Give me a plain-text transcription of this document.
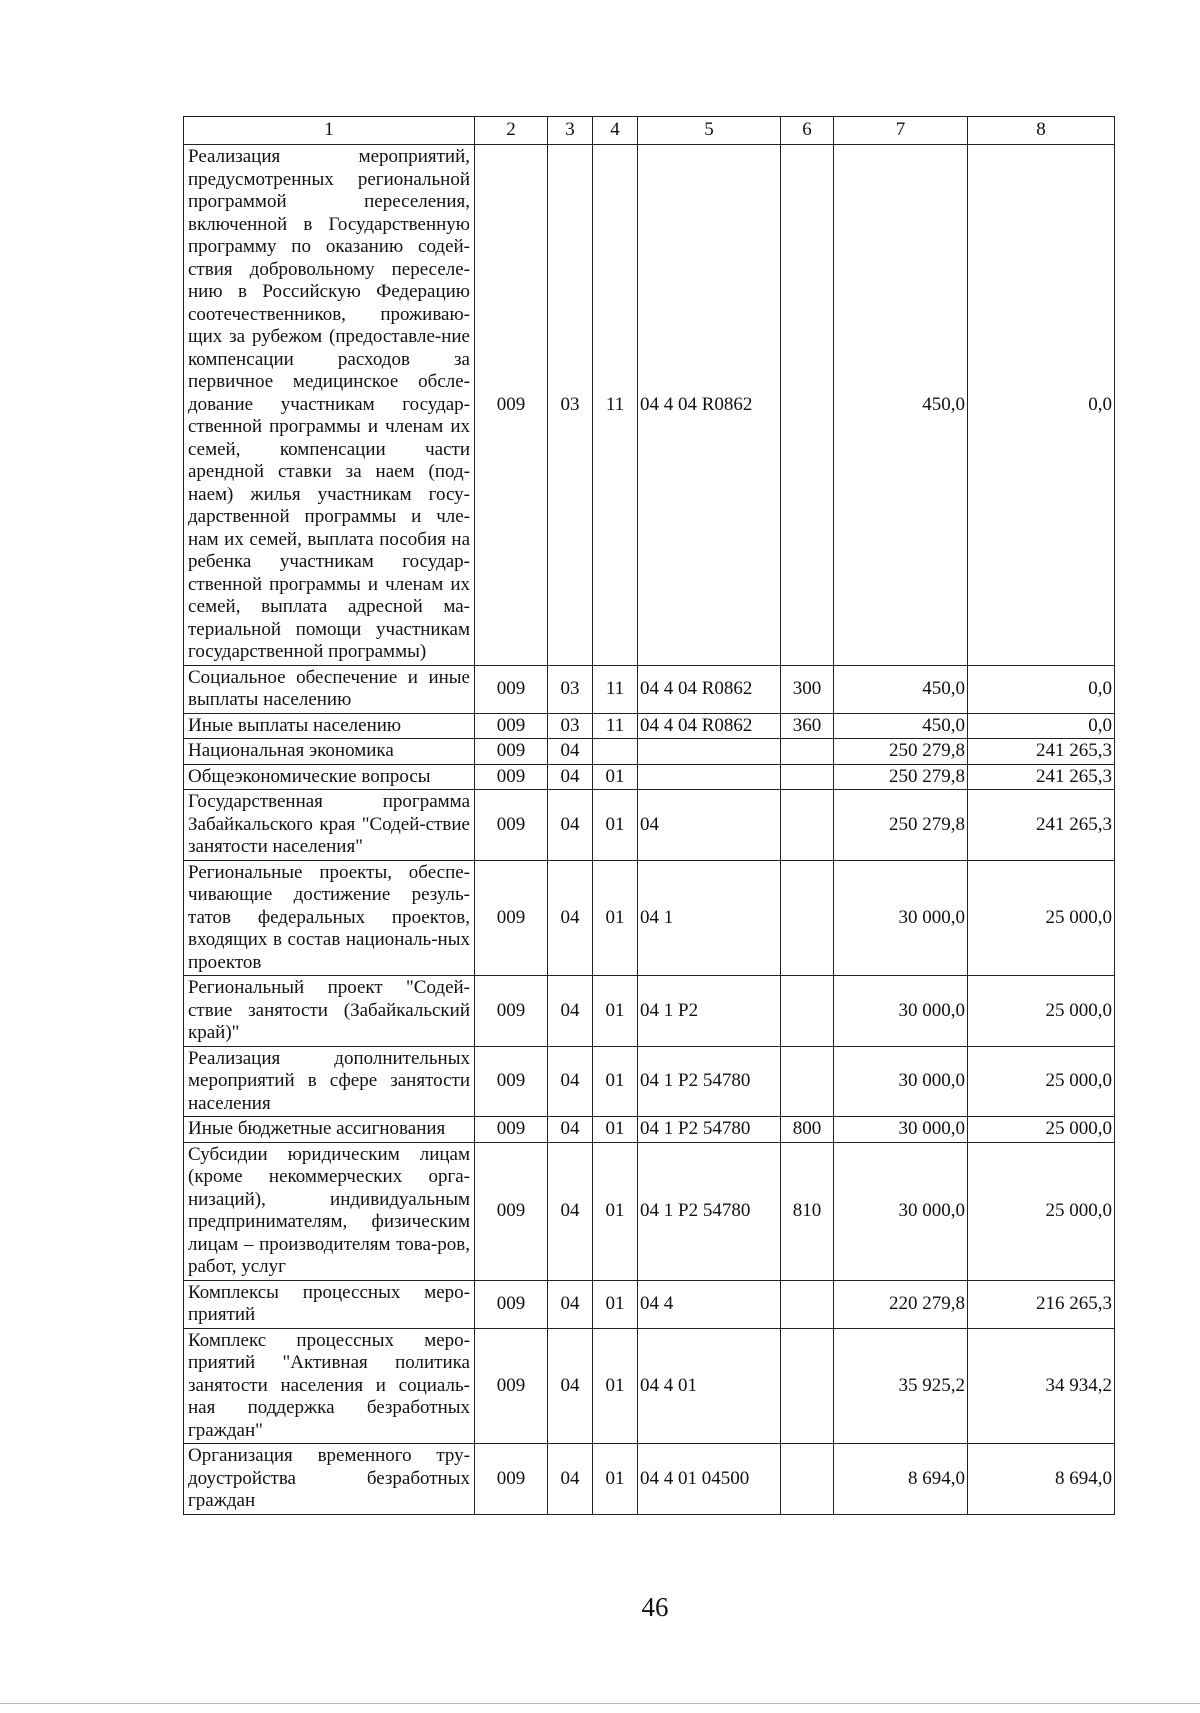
1	2	3	4	5	6	7	8
Реализация мероприятий, предусмотренных региональной программой переселения, включенной в Государственную программу по оказанию содей-ствия добровольному переселе-нию в Российскую Федерацию соотечественников, проживаю-щих за рубежом (предоставле-ние компенсации расходов за первичное медицинское обсле-дование участникам государ-ственной программы и членам их семей, компенсации части арендной ставки за наем (под-наем) жилья участникам госу-дарственной программы и чле-нам их семей, выплата пособия на ребенка участникам государ-ственной программы и членам их семей, выплата адресной ма-териальной помощи участникам государственной программы)	009	03	11	04 4 04 R0862		450,0	0,0
Социальное обеспечение и иные выплаты населению	009	03	11	04 4 04 R0862	300	450,0	0,0
Иные выплаты населению	009	03	11	04 4 04 R0862	360	450,0	0,0
Национальная экономика	009	04				250 279,8	241 265,3
Общеэкономические вопросы	009	04	01			250 279,8	241 265,3
Государственная программа Забайкальского края "Содей-ствие занятости населения"	009	04	01	04		250 279,8	241 265,3
Региональные проекты, обеспе-чивающие достижение резуль-татов федеральных проектов, входящих в состав националь-ных проектов	009	04	01	04 1		30 000,0	25 000,0
Региональный проект "Содей-ствие занятости (Забайкальский край)"	009	04	01	04 1 P2		30 000,0	25 000,0
Реализация дополнительных мероприятий в сфере занятости населения	009	04	01	04 1 P2 54780		30 000,0	25 000,0
Иные бюджетные ассигнования	009	04	01	04 1 P2 54780	800	30 000,0	25 000,0
Субсидии юридическим лицам (кроме некоммерческих орга-низаций), индивидуальным предпринимателям, физическим лицам – производителям това-ров, работ, услуг	009	04	01	04 1 P2 54780	810	30 000,0	25 000,0
Комплексы процессных меро-приятий	009	04	01	04 4		220 279,8	216 265,3
Комплекс процессных меро-приятий "Активная политика занятости населения и социаль-ная поддержка безработных граждан"	009	04	01	04 4 01		35 925,2	34 934,2
Организация временного тру-доустройства безработных граждан	009	04	01	04 4 01 04500		8 694,0	8 694,0
46
